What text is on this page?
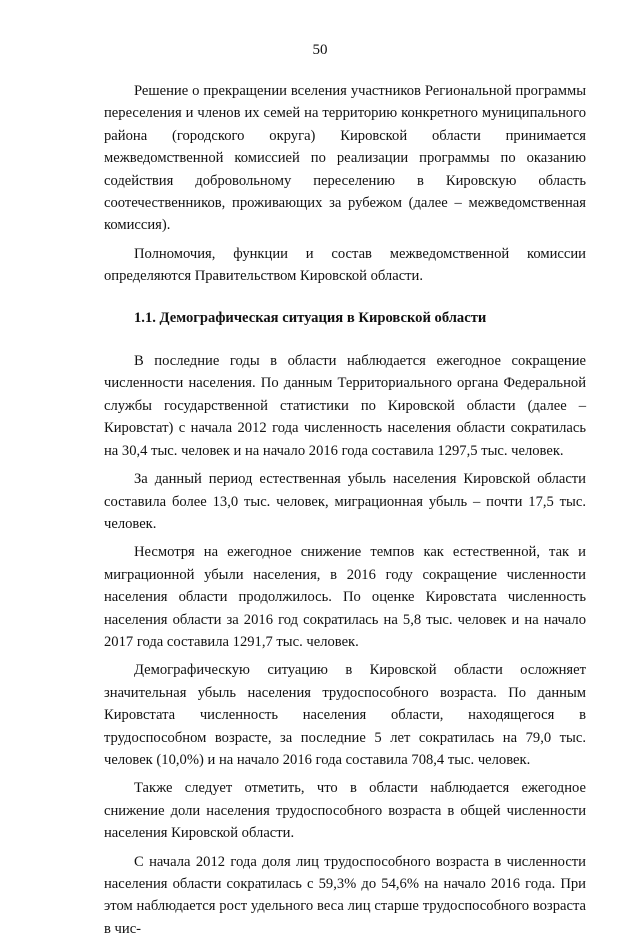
50

Решение о прекращении вселения участников Региональной программы переселения и членов их семей на территорию конкретного муниципального района (городского округа) Кировской области принимается межведомственной комиссией по реализации программы по оказанию содействия добровольному переселению в Кировскую область соотечественников, проживающих за рубежом (далее – межведомственная комиссия).

Полномочия, функции и состав межведомственной комиссии определяются Правительством Кировской области.

1.1. Демографическая ситуация в Кировской области

В последние годы в области наблюдается ежегодное сокращение численности населения. По данным Территориального органа Федеральной службы государственной статистики по Кировской области (далее – Кировстат) с начала 2012 года численность населения области сократилась на 30,4 тыс. человек и на начало 2016 года составила 1297,5 тыс. человек.

За данный период естественная убыль населения Кировской области составила более 13,0 тыс. человек, миграционная убыль – почти 17,5 тыс. человек.

Несмотря на ежегодное снижение темпов как естественной, так и миграционной убыли населения, в 2016 году сокращение численности населения области продолжилось. По оценке Кировстата численность населения области за 2016 год сократилась на 5,8 тыс. человек и на начало 2017 года составила 1291,7 тыс. человек.

Демографическую ситуацию в Кировской области осложняет значительная убыль населения трудоспособного возраста. По данным Кировстата численность населения области, находящегося в трудоспособном возрасте, за последние 5 лет сократилась на 79,0 тыс. человек (10,0%) и на начало 2016 года составила 708,4 тыс. человек.

Также следует отметить, что в области наблюдается ежегодное снижение доли населения трудоспособного возраста в общей численности населения Кировской области.

С начала 2012 года доля лиц трудоспособного возраста в численности населения области сократилась с 59,3% до 54,6% на начало 2016 года. При этом наблюдается рост удельного веса лиц старше трудоспособного возраста в чис-
